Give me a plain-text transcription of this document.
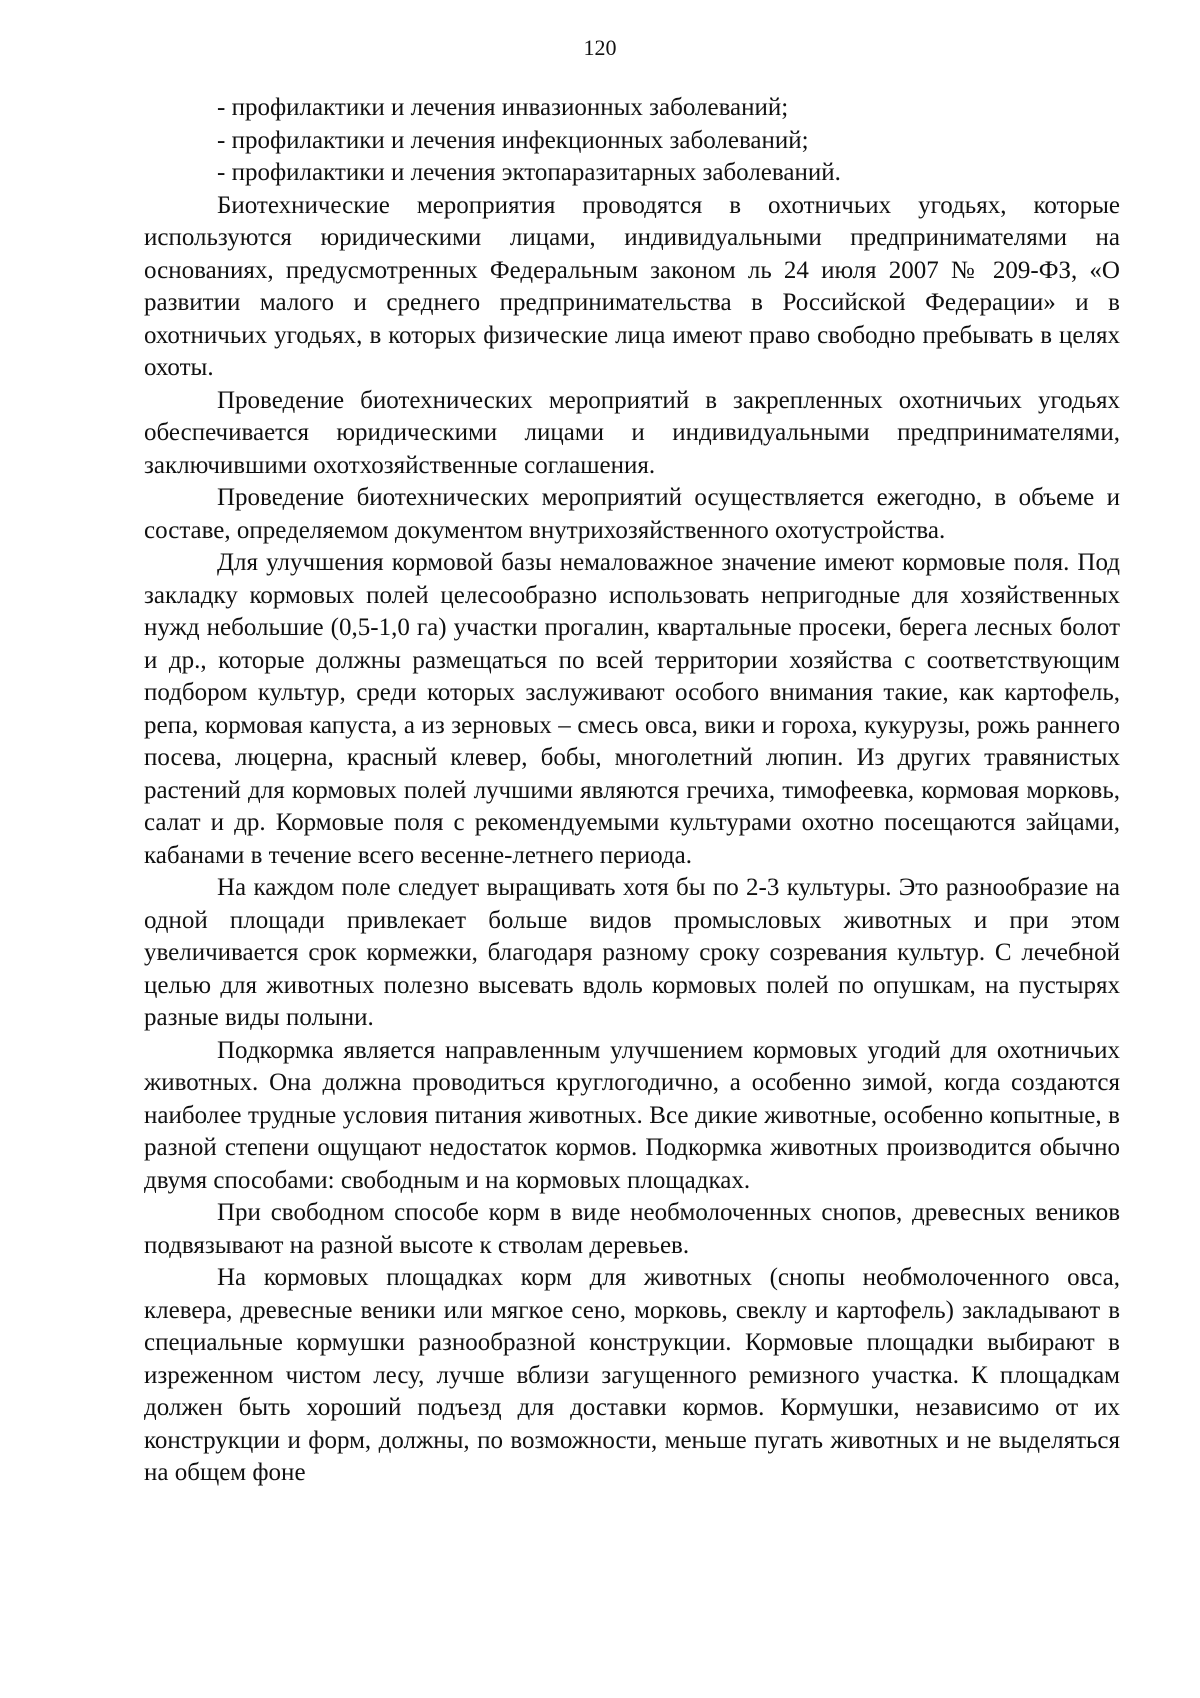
120

- профилактики и лечения инвазионных заболеваний;

- профилактики и лечения инфекционных заболеваний;

- профилактики и лечения эктопаразитарных заболеваний.

Биотехнические мероприятия проводятся в охотничьих угодьях, которые используются юридическими лицами, индивидуальными предпринимателями на основаниях, предусмотренных Федеральным законом ль 24 июля 2007 № 209-ФЗ, «О развитии малого и среднего предпринимательства в Российской Федерации» и в охотничьих угодьях, в которых физические лица имеют право свободно пребывать в целях охоты.

Проведение биотехнических мероприятий в закрепленных охотничьих угодьях обеспечивается юридическими лицами и индивидуальными предпринимателями, заключившими охотхозяйственные соглашения.

Проведение биотехнических мероприятий осуществляется ежегодно, в объеме и составе, определяемом документом внутрихозяйственного охотустройства.

Для улучшения кормовой базы немаловажное значение имеют кормовые поля. Под закладку кормовых полей целесообразно использовать непригодные для хозяйственных нужд небольшие (0,5-1,0 га) участки прогалин, квартальные просеки, берега лесных болот и др., которые должны размещаться по всей территории хозяйства с соответствующим подбором культур, среди которых заслуживают особого внимания такие, как картофель, репа, кормовая капуста, а из зерновых – смесь овса, вики и гороха, кукурузы, рожь раннего посева, люцерна, красный клевер, бобы, многолетний люпин. Из других травянистых растений для кормовых полей лучшими являются гречиха, тимофеевка, кормовая морковь, салат и др. Кормовые поля с рекомендуемыми культурами охотно посещаются зайцами, кабанами в течение всего весенне-летнего периода.

На каждом поле следует выращивать хотя бы по 2-3 культуры. Это разнообразие на одной площади привлекает больше видов промысловых животных и при этом увеличивается срок кормежки, благодаря разному сроку созревания культур. С лечебной целью для животных полезно высевать вдоль кормовых полей по опушкам, на пустырях разные виды полыни.

Подкормка является направленным улучшением кормовых угодий для охотничьих животных. Она должна проводиться круглогодично, а особенно зимой, когда создаются наиболее трудные условия питания животных. Все дикие животные, особенно копытные, в разной степени ощущают недостаток кормов. Подкормка животных производится обычно двумя способами: свободным и на кормовых площадках.

При свободном способе корм в виде необмолоченных снопов, древесных веников подвязывают на разной высоте к стволам деревьев.

На кормовых площадках корм для животных (снопы необмолоченного овса, клевера, древесные веники или мягкое сено, морковь, свеклу и картофель) закладывают в специальные кормушки разнообразной конструкции. Кормовые площадки выбирают в изреженном чистом лесу, лучше вблизи загущенного ремизного участка. К площадкам должен быть хороший подъезд для доставки кормов. Кормушки, независимо от их конструкции и форм, должны, по возможности, меньше пугать животных и не выделяться на общем фоне
